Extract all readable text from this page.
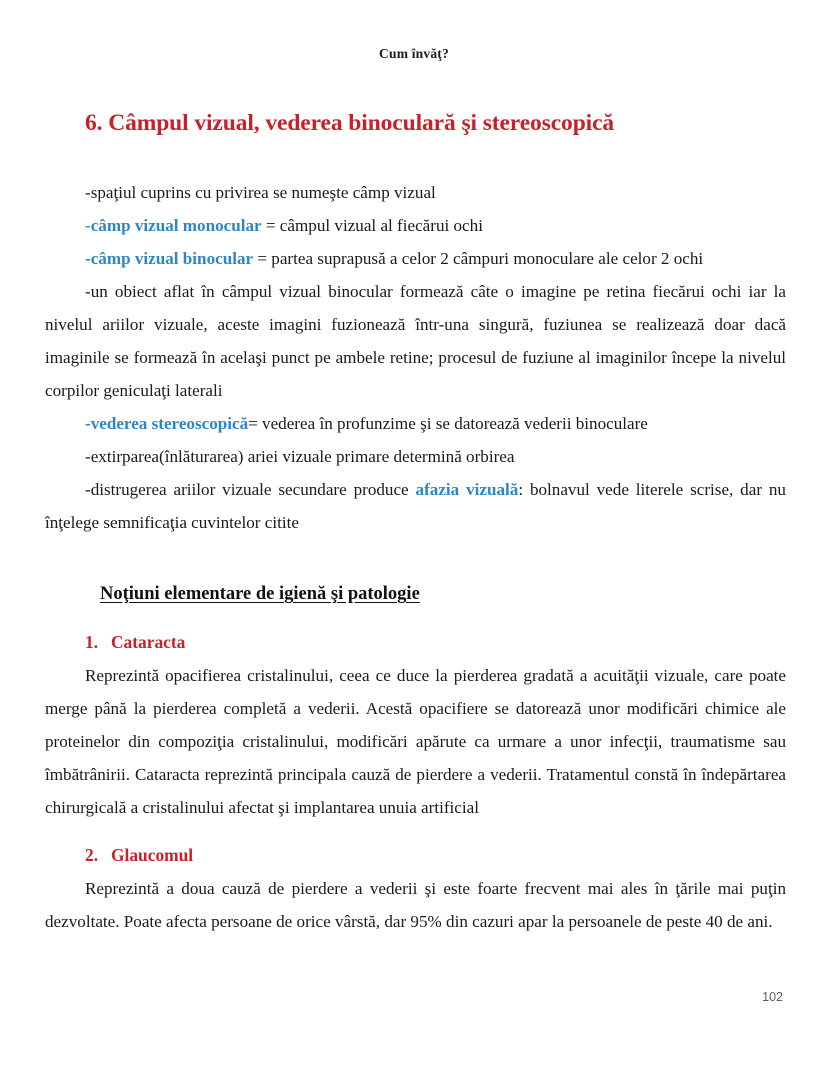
Cum învăţ?
6. Câmpul vizual, vederea binoculară şi stereoscopică

-spaţiul cuprins cu privirea se numeşte câmp vizual

-câmp vizual monocular = câmpul vizual al fiecărui ochi

-câmp vizual binocular = partea suprapusă a celor 2 câmpuri monoculare ale celor 2 ochi

-un obiect aflat în câmpul vizual binocular formează câte o imagine pe retina fiecărui ochi iar la nivelul ariilor vizuale, aceste imagini fuzionează într-una singură, fuziunea se realizează doar dacă imaginile se formează în acelaşi punct pe ambele retine; procesul de fuziune al imaginilor începe la nivelul corpilor geniculaţi laterali

-vederea stereoscopică= vederea în profunzime şi se datorează vederii binoculare

-extirparea(înlăturarea) ariei vizuale primare determină orbirea

-distrugerea ariilor vizuale secundare produce afazia vizuală: bolnavul vede literele scrise, dar nu înţelege semnificaţia cuvintelor citite

Noţiuni elementare de igienă şi patologie
1. Cataracta

Reprezintă opacifierea cristalinului, ceea ce duce la pierderea gradată a acuităţii vizuale, care poate merge până la pierderea completă a vederii. Acestă opacifiere se datorează unor modificări chimice ale proteinelor din compoziţia cristalinului, modificări apărute ca urmare a unor infecţii, traumatisme sau îmbătrânirii. Cataracta reprezintă principala cauză de pierdere a vederii. Tratamentul constă în îndepărtarea chirurgicală a cristalinului afectat şi implantarea unuia artificial

2. Glaucomul

Reprezintă a doua cauză de pierdere a vederii şi este foarte frecvent mai ales în ţările mai puţin dezvoltate. Poate afecta persoane de orice vârstă, dar 95% din cazuri apar la persoanele de peste 40 de ani.

102
